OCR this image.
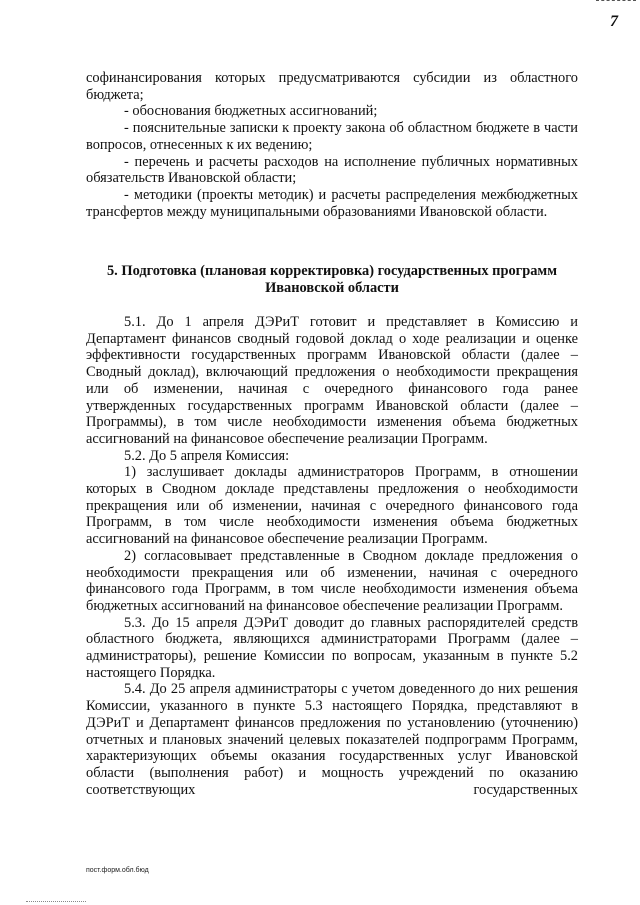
7

софинансирования которых предусматриваются субсидии из областного бюджета;

- обоснования бюджетных ассигнований;

- пояснительные записки к проекту закона об областном бюджете в части вопросов, отнесенных к их ведению;

- перечень и расчеты расходов на исполнение публичных нормативных обязательств Ивановской области;

- методики (проекты методик) и расчеты распределения межбюджетных трансфертов между муниципальными образованиями Ивановской области.

5. Подготовка (плановая корректировка) государственных программ

Ивановской области

5.1. До 1 апреля ДЭРиТ готовит и представляет в Комиссию и Департамент финансов сводный годовой доклад о ходе реализации и оценке эффективности государственных программ Ивановской области (далее – Сводный доклад), включающий предложения о необходимости прекращения или об изменении, начиная с очередного финансового года ранее утвержденных государственных программ Ивановской области (далее – Программы), в том числе необходимости изменения объема бюджетных ассигнований на финансовое обеспечение реализации Программ.

5.2. До 5 апреля Комиссия:

1) заслушивает доклады администраторов Программ, в отношении которых в Сводном докладе представлены предложения о необходимости прекращения или об изменении, начиная с очередного финансового года Программ, в том числе необходимости изменения объема бюджетных ассигнований на финансовое обеспечение реализации Программ.

2) согласовывает представленные в Сводном докладе предложения о необходимости прекращения или об изменении, начиная с очередного финансового года Программ, в том числе необходимости изменения объема бюджетных ассигнований на финансовое обеспечение реализации Программ.

5.3. До 15 апреля ДЭРиТ доводит до главных распорядителей средств областного бюджета, являющихся администраторами Программ (далее – администраторы), решение Комиссии по вопросам, указанным в пункте 5.2 настоящего Порядка.

5.4. До 25 апреля администраторы с учетом доведенного до них решения Комиссии, указанного в пункте 5.3 настоящего Порядка, представляют в ДЭРиТ и Департамент финансов предложения по установлению (уточнению) отчетных и плановых значений целевых показателей подпрограмм Программ, характеризующих объемы оказания государственных услуг Ивановской области (выполнения работ) и мощность учреждений по оказанию соответствующих государственных

пост.форм.обл.бюд
